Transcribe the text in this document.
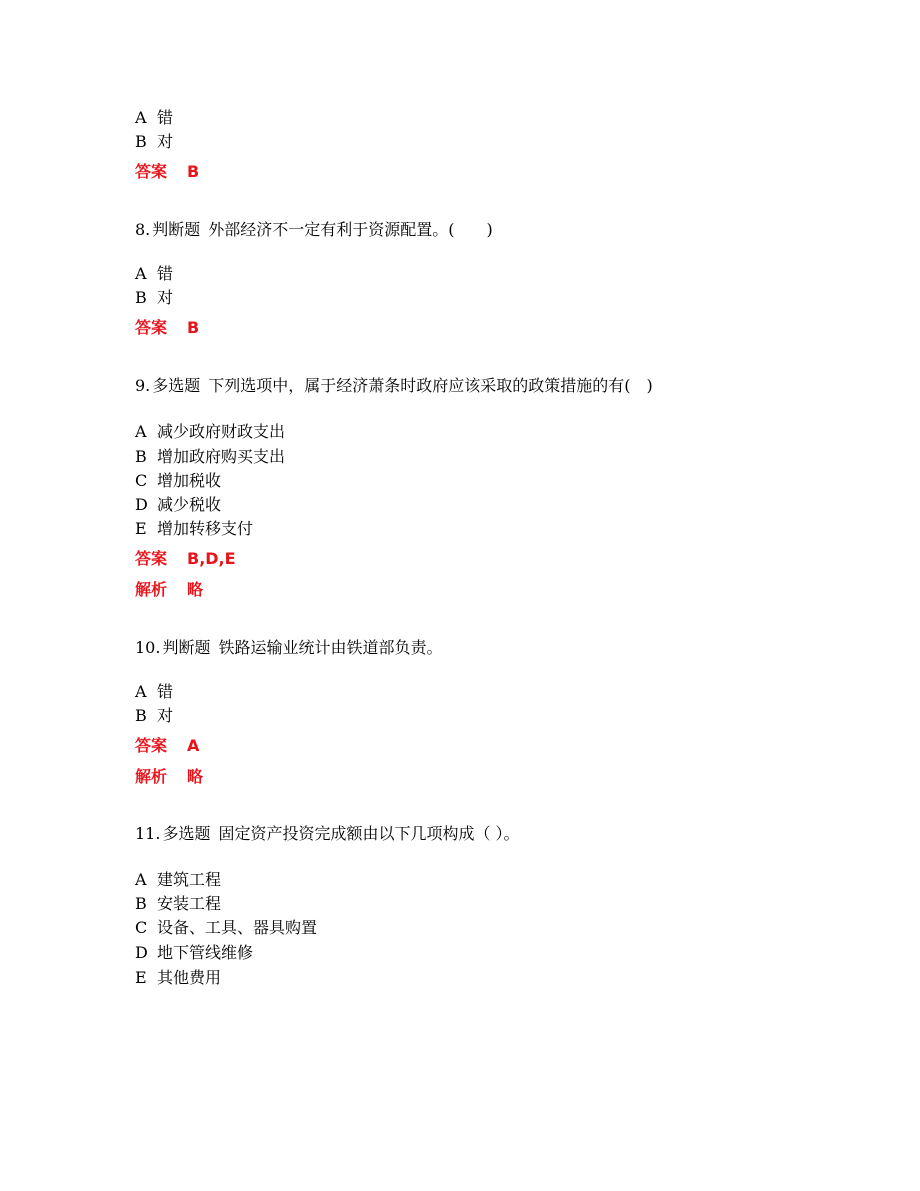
A 错
B 对
答案 B
8. 判断题 外部经济不一定有利于资源配置。(　　)
A 错
B 对
答案 B
9. 多选题 下列选项中，属于经济萧条时政府应该采取的政策措施的有(　)
A 减少政府财政支出
B 增加政府购买支出
C 增加税收
D 减少税收
E 增加转移支付
答案 B,D,E
解析 略
10. 判断题 铁路运输业统计由铁道部负责。
A 错
B 对
答案 A
解析 略
11. 多选题 固定资产投资完成额由以下几项构成（ ）。
A 建筑工程
B 安装工程
C 设备、工具、器具购置
D 地下管线维修
E 其他费用
